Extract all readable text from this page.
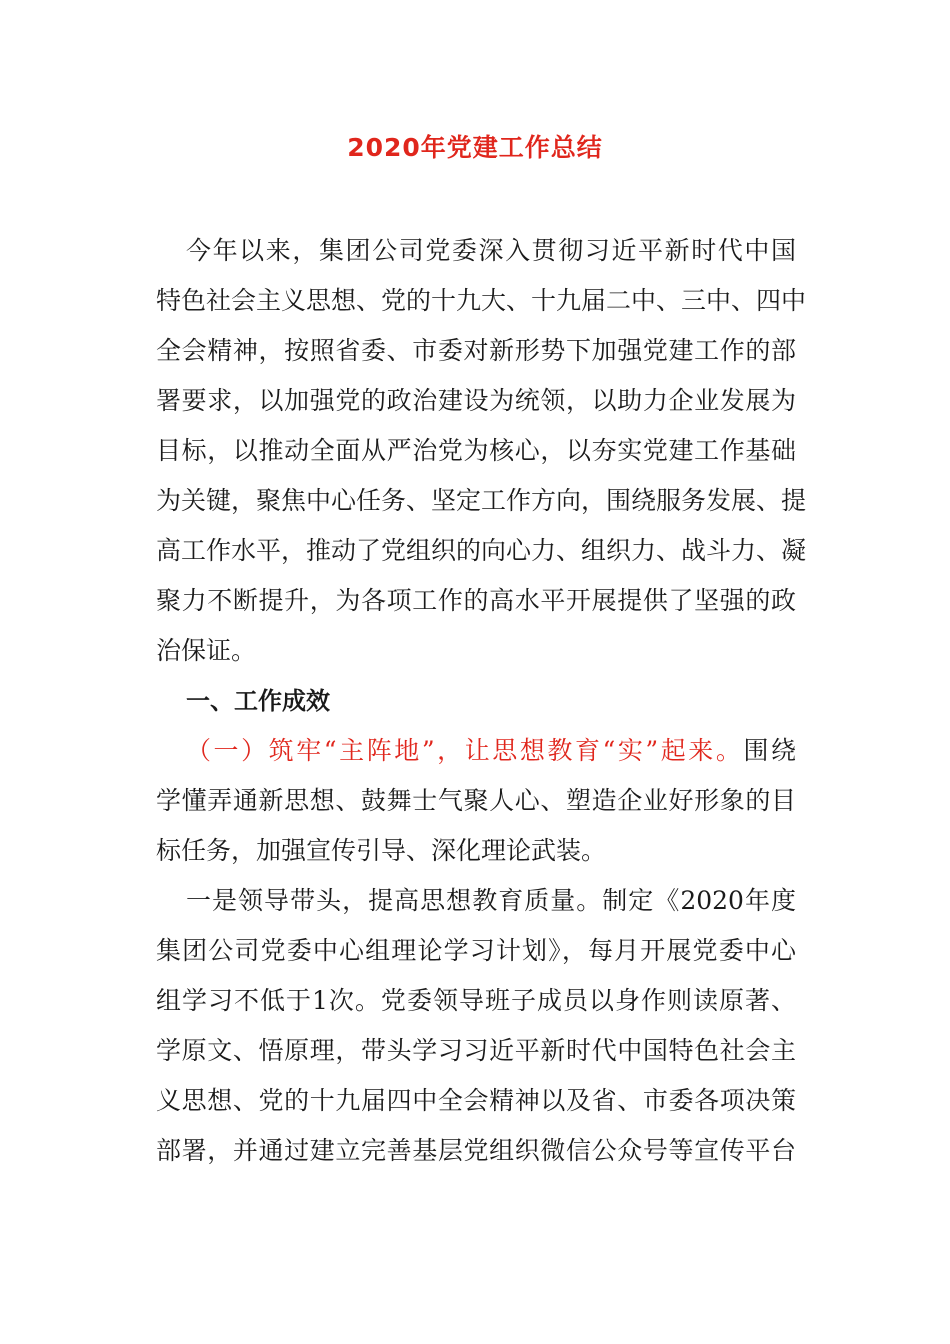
2020年党建工作总结
今年以来，集团公司党委深入贯彻习近平新时代中国
特色社会主义思想、党的十九大、十九届二中、三中、四中
全会精神，按照省委、市委对新形势下加强党建工作的部
署要求，以加强党的政治建设为统领，以助力企业发展为
目标，以推动全面从严治党为核心，以夯实党建工作基础
为关键，聚焦中心任务、坚定工作方向，围绕服务发展、提
高工作水平，推动了党组织的向心力、组织力、战斗力、凝
聚力不断提升，为各项工作的高水平开展提供了坚强的政
治保证。
一、工作成效
（一）筑牢“主阵地”，让思想教育“实”起来。围绕
学懂弄通新思想、鼓舞士气聚人心、塑造企业好形象的目
标任务，加强宣传引导、深化理论武装。
一是领导带头，提高思想教育质量。制定《2020年度
集团公司党委中心组理论学习计划》，每月开展党委中心
组学习不低于1次。党委领导班子成员以身作则读原著、
学原文、悟原理，带头学习习近平新时代中国特色社会主
义思想、党的十九届四中全会精神以及省、市委各项决策
部署，并通过建立完善基层党组织微信公众号等宣传平台
